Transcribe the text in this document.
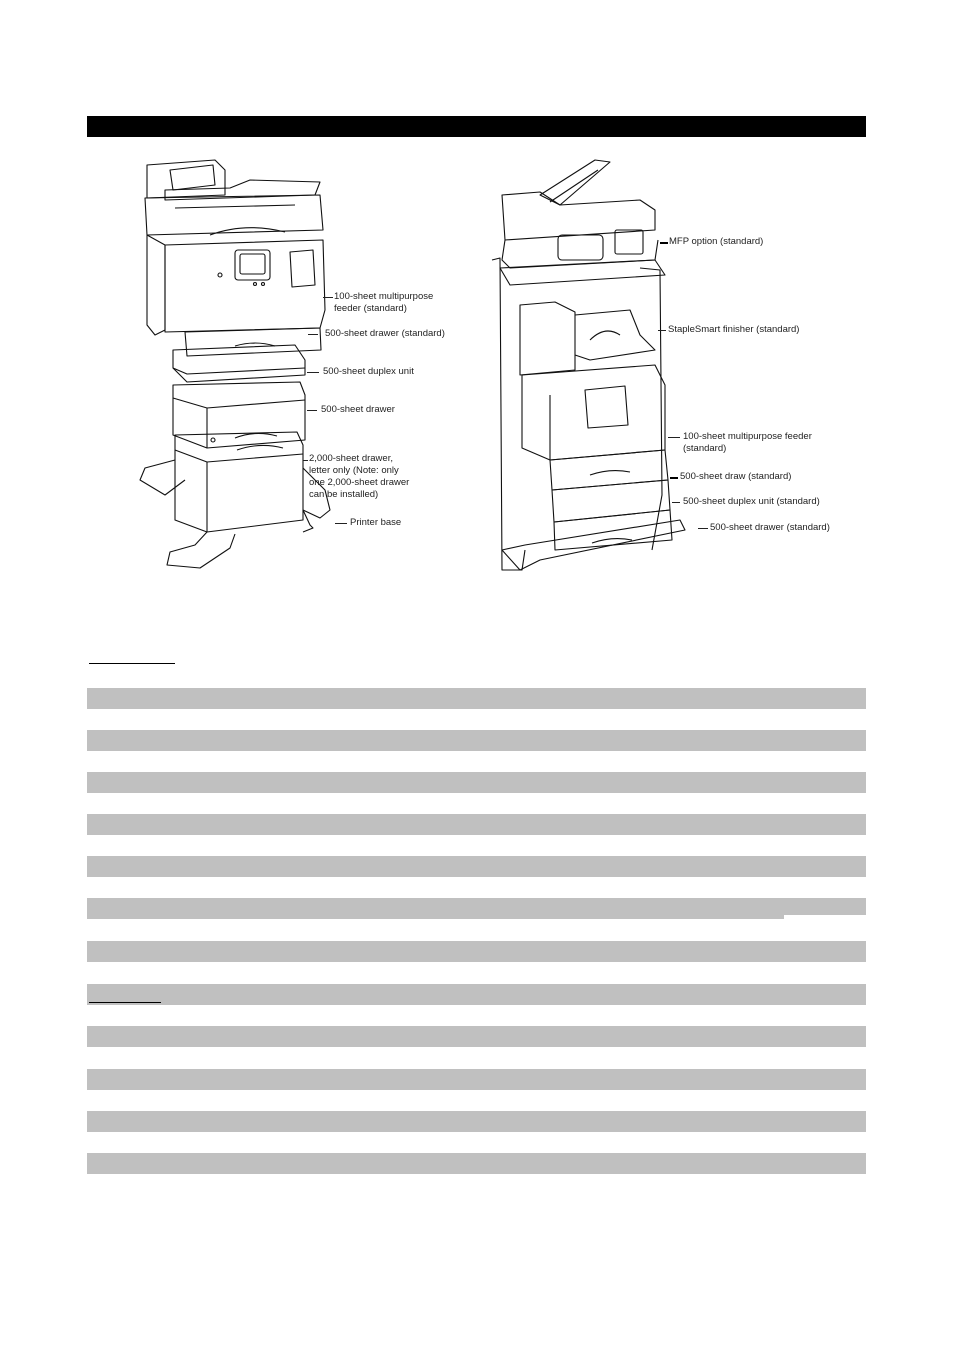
100-sheet multipurpose
feeder (standard)
500-sheet drawer (standard)
500-sheet duplex unit
500-sheet drawer
2,000-sheet drawer,
letter only (Note: only
one 2,000-sheet drawer
can be installed)
Printer base
MFP option (standard)
StapleSmart finisher (standard)
100-sheet multipurpose feeder
(standard)
500-sheet draw (standard)
500-sheet duplex unit (standard)
500-sheet drawer (standard)
